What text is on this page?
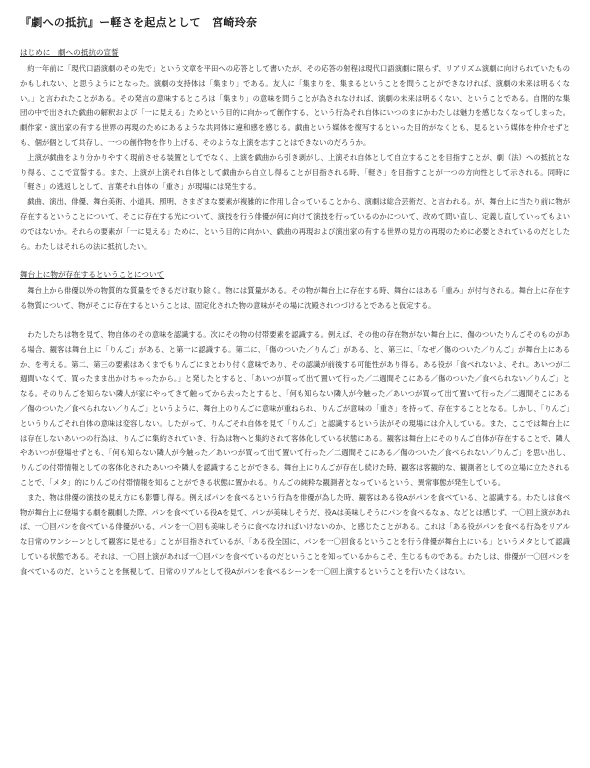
『劇への抵抗』ー軽さを起点として　宮崎玲奈
はじめに　劇への抵抗の宣誓

約一年前に「現代口語演劇のその先で」という文章を平田への応答として書いたが、その応答の射程は現代口語演劇に限らず、リアリズム演劇に向けられていたものかもしれない、と思うようにとなった。演劇の支持体は「集まり」である。友人に「集まりを、集まるということを問うことができなければ、演劇の未来は明るくない。」と言われたことがある。その発言の意味するところは「集まり」の意味を問うことが為されなければ、演劇の未来は明るくない、ということである。自閉的な集団の中で出された戯曲の解釈および「一に見える」ためという目的に向かって創作する、という行為それ自体にいつのまにかわたしは魅力を感じなくなってしまった。劇作家・演出家の有する世界の再現のためにあるような共同体に違和感を感じる。戯曲という媒体を復写するといった目的がなくとも、見るという媒体を仲介せずとも、個が個として共存し、一つの創作物を作り上げる、そのような上演を志すことはできないのだろうか。

上演が戯曲をより分かりやすく現前させる装置としてでなく、上演を戯曲から引き剥がし、上演それ自体として自立することを目指すことが、劇（法）への抵抗となり得る、ここで宣誓する。また、上演が上演それ自体として戯曲から自立し得ることが目指される時、「軽さ」を目指すことが一つの方向性として示される。同時に「軽さ」の逃返しとして、言葉それ自体の「重さ」が現場には発生する。

戯曲、演出、俳優、舞台美術、小道具、照明、さまざまな要素が複雑的に作用し合っていることから、演劇は総合芸術だ、と言われる。が、舞台上に当たり前に物が存在するということについて、そこに存在する光について、演技を行う俳優が何に向けて演技を行っているのかについて、改めて問い直し、定義し直していってもよいのではないか。それらの要素が「一に見える」ために、という目的に向かい、戯曲の再現および演出家の有する世界の見方の再現のために必要とされているのだとしたら。わたしはそれらの法に抵抗したい。

舞台上に物が存在するということについて

舞台上から俳優以外の物質的な質量をできるだけ取り除く。物には質量がある。その物が舞台上に存在する時、舞台にはある「重み」が付与される。舞台上に存在する物質について、物がそこに存在するということは、固定化された物の意味がその場に沈殿されつづけるとであると仮定する。

わたしたちは物を見て、物自体のその意味を認識する。次にその物の付帯要素を認識する。例えば、その他の存在物がない舞台上に、傷のついたりんごそのものがある場合、観客は舞台上に「りんご」がある、と第一に認識する。第二に、「傷のついた／りんご」がある、と、第三に、「なぜ／傷のついた／りんご」が舞台上にあるか、を考える。第二、第三の要素はあくまでもりんごにまとわり付く意味であり、その認識が前後する可能性があり得る。ある役が「食べれないよ、それ。あいつが二週間いなくて、買ったまま出かけちゃったから。」と発したとすると、「あいつが買って出て置いて行った／二週間そこにある／傷のついた／食べられない／りんご」となる。そのりんごを知らない隣人が家にやってきて触ってから去ったとすると、「何も知らない隣人が今触った／あいつが買って出て置いて行った／二週間そこにある／傷のついた／食べられない／りんご」というように、舞台上のりんごに意味が重ねられ、りんごが意味の「重さ」を持って、存在することとなる。しかし、「りんご」というりんごそれ自体の意味は変容しない。したがって、りんごそれ自体を見て「りんご」と認識するという法がその現場には介入している。また、ここでは舞台上には存在しないあいつの行為は、りんごに集約されていき、行為は物へと集約されて客体化している状態にある。観客は舞台上にそのりんご自体が存在することで、隣人やあいつが登場せずとも、「何も知らない隣人が今触った／あいつが買って出て置いて行った／二週間そこにある／傷のついた／食べられない／りんご」を思い出し、りんごの付帯情報としての客体化されたあいつや隣人を認識することができる。舞台上にりんごが存在し続けた時、観客は客観的な、観測者としての立場に立たされることで、「メタ」的にりんごの付帯情報を知ることができる状態に置かれる。りんごの純粋な観測者となっているという、異常事態が発生している。

また、物は俳優の演技の見え方にも影響し得る。例えばパンを食べるという行為を俳優が為した時、観客はある役Aがパンを食べている、と認識する。わたしは食べ物が舞台上に登場する劇を観劇した際、パンを食べている役Aを見て、パンが美味しそうだ、役Aは美味しそうにパンを食べるなぁ、などとは感じず、一〇回上演があれば、一〇回パンを食べている俳優がいる、パンを一〇回も美味しそうに食べなければいけないのか、と感じたことがある。これは「ある役がパンを食べる行為をリアルな日常のワンシーンとして観客に見せる」ことが目指されているが、「ある役全国に、パンを一〇回食るということを行う俳優が舞台上にいる」というメタとして認識している状態である。それは、一〇回上演があれば一〇回パンを食べているのだということを知っているからこそ、生じるものである。わたしは、俳優が一〇回パンを食べているのだ、ということを無視して、日常のリアルとして役Aがパンを食べるシーンを一〇回上演するということを行いたくはない。
